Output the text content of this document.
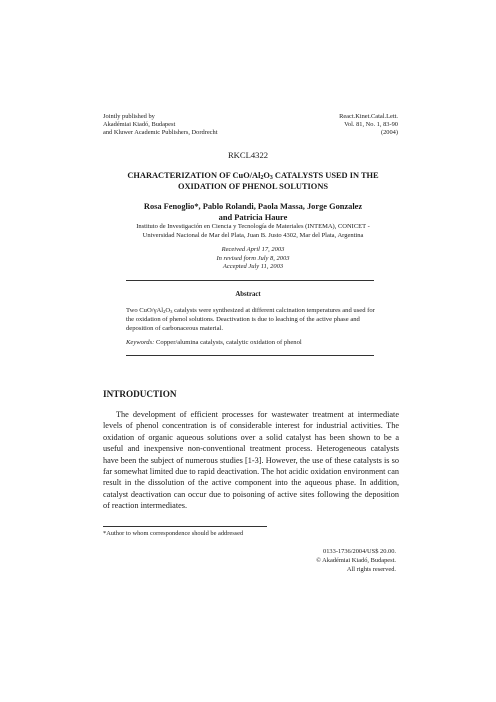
Jointly published by
Akadémiai Kiadó, Budapest
and Kluwer Academic Publishers, Dordrecht
React.Kinet.Catal.Lett.
Vol. 81, No. 1, 83-90
(2004)
RKCL4322
CHARACTERIZATION OF CuO/$Al_2O_3$ CATALYSTS USED IN THE
OXIDATION OF PHENOL SOLUTIONS
Rosa Fenoglio*, Pablo Rolandi, Paola Massa, Jorge Gonzalez
and Patricia Haure
Instituto de Investigación en Ciencia y Tecnología de Materiales (INTEMA), CONICET -
Universidad Nacional de Mar del Plata, Juan B. Justo 4302, Mar del Plata, Argentina
Received April 17, 2003
In revised form July 8, 2003
Accepted July 11, 2003
Abstract
Two CuO/$\gamma Al_2O_3$ catalysts were synthesized at different calcination temperatures and used for the oxidation of phenol solutions. Deactivation is due to leaching of the active phase and deposition of carbonaceous material.
Keywords: Copper/alumina catalysts, catalytic oxidation of phenol
INTRODUCTION
The development of efficient processes for wastewater treatment at intermediate levels of phenol concentration is of considerable interest for industrial activities. The oxidation of organic aqueous solutions over a solid catalyst has been shown to be a useful and inexpensive non-conventional treatment process. Heterogeneous catalysts have been the subject of numerous studies [1-3]. However, the use of these catalysts is so far somewhat limited due to rapid deactivation. The hot acidic oxidation environment can result in the dissolution of the active component into the aqueous phase. In addition, catalyst deactivation can occur due to poisoning of active sites following the deposition of reaction intermediates.
*Author to whom correspondence should be addressed
0133-1736/2004/US$ 20.00.
© Akadémiai Kiadó, Budapest.
All rights reserved.
